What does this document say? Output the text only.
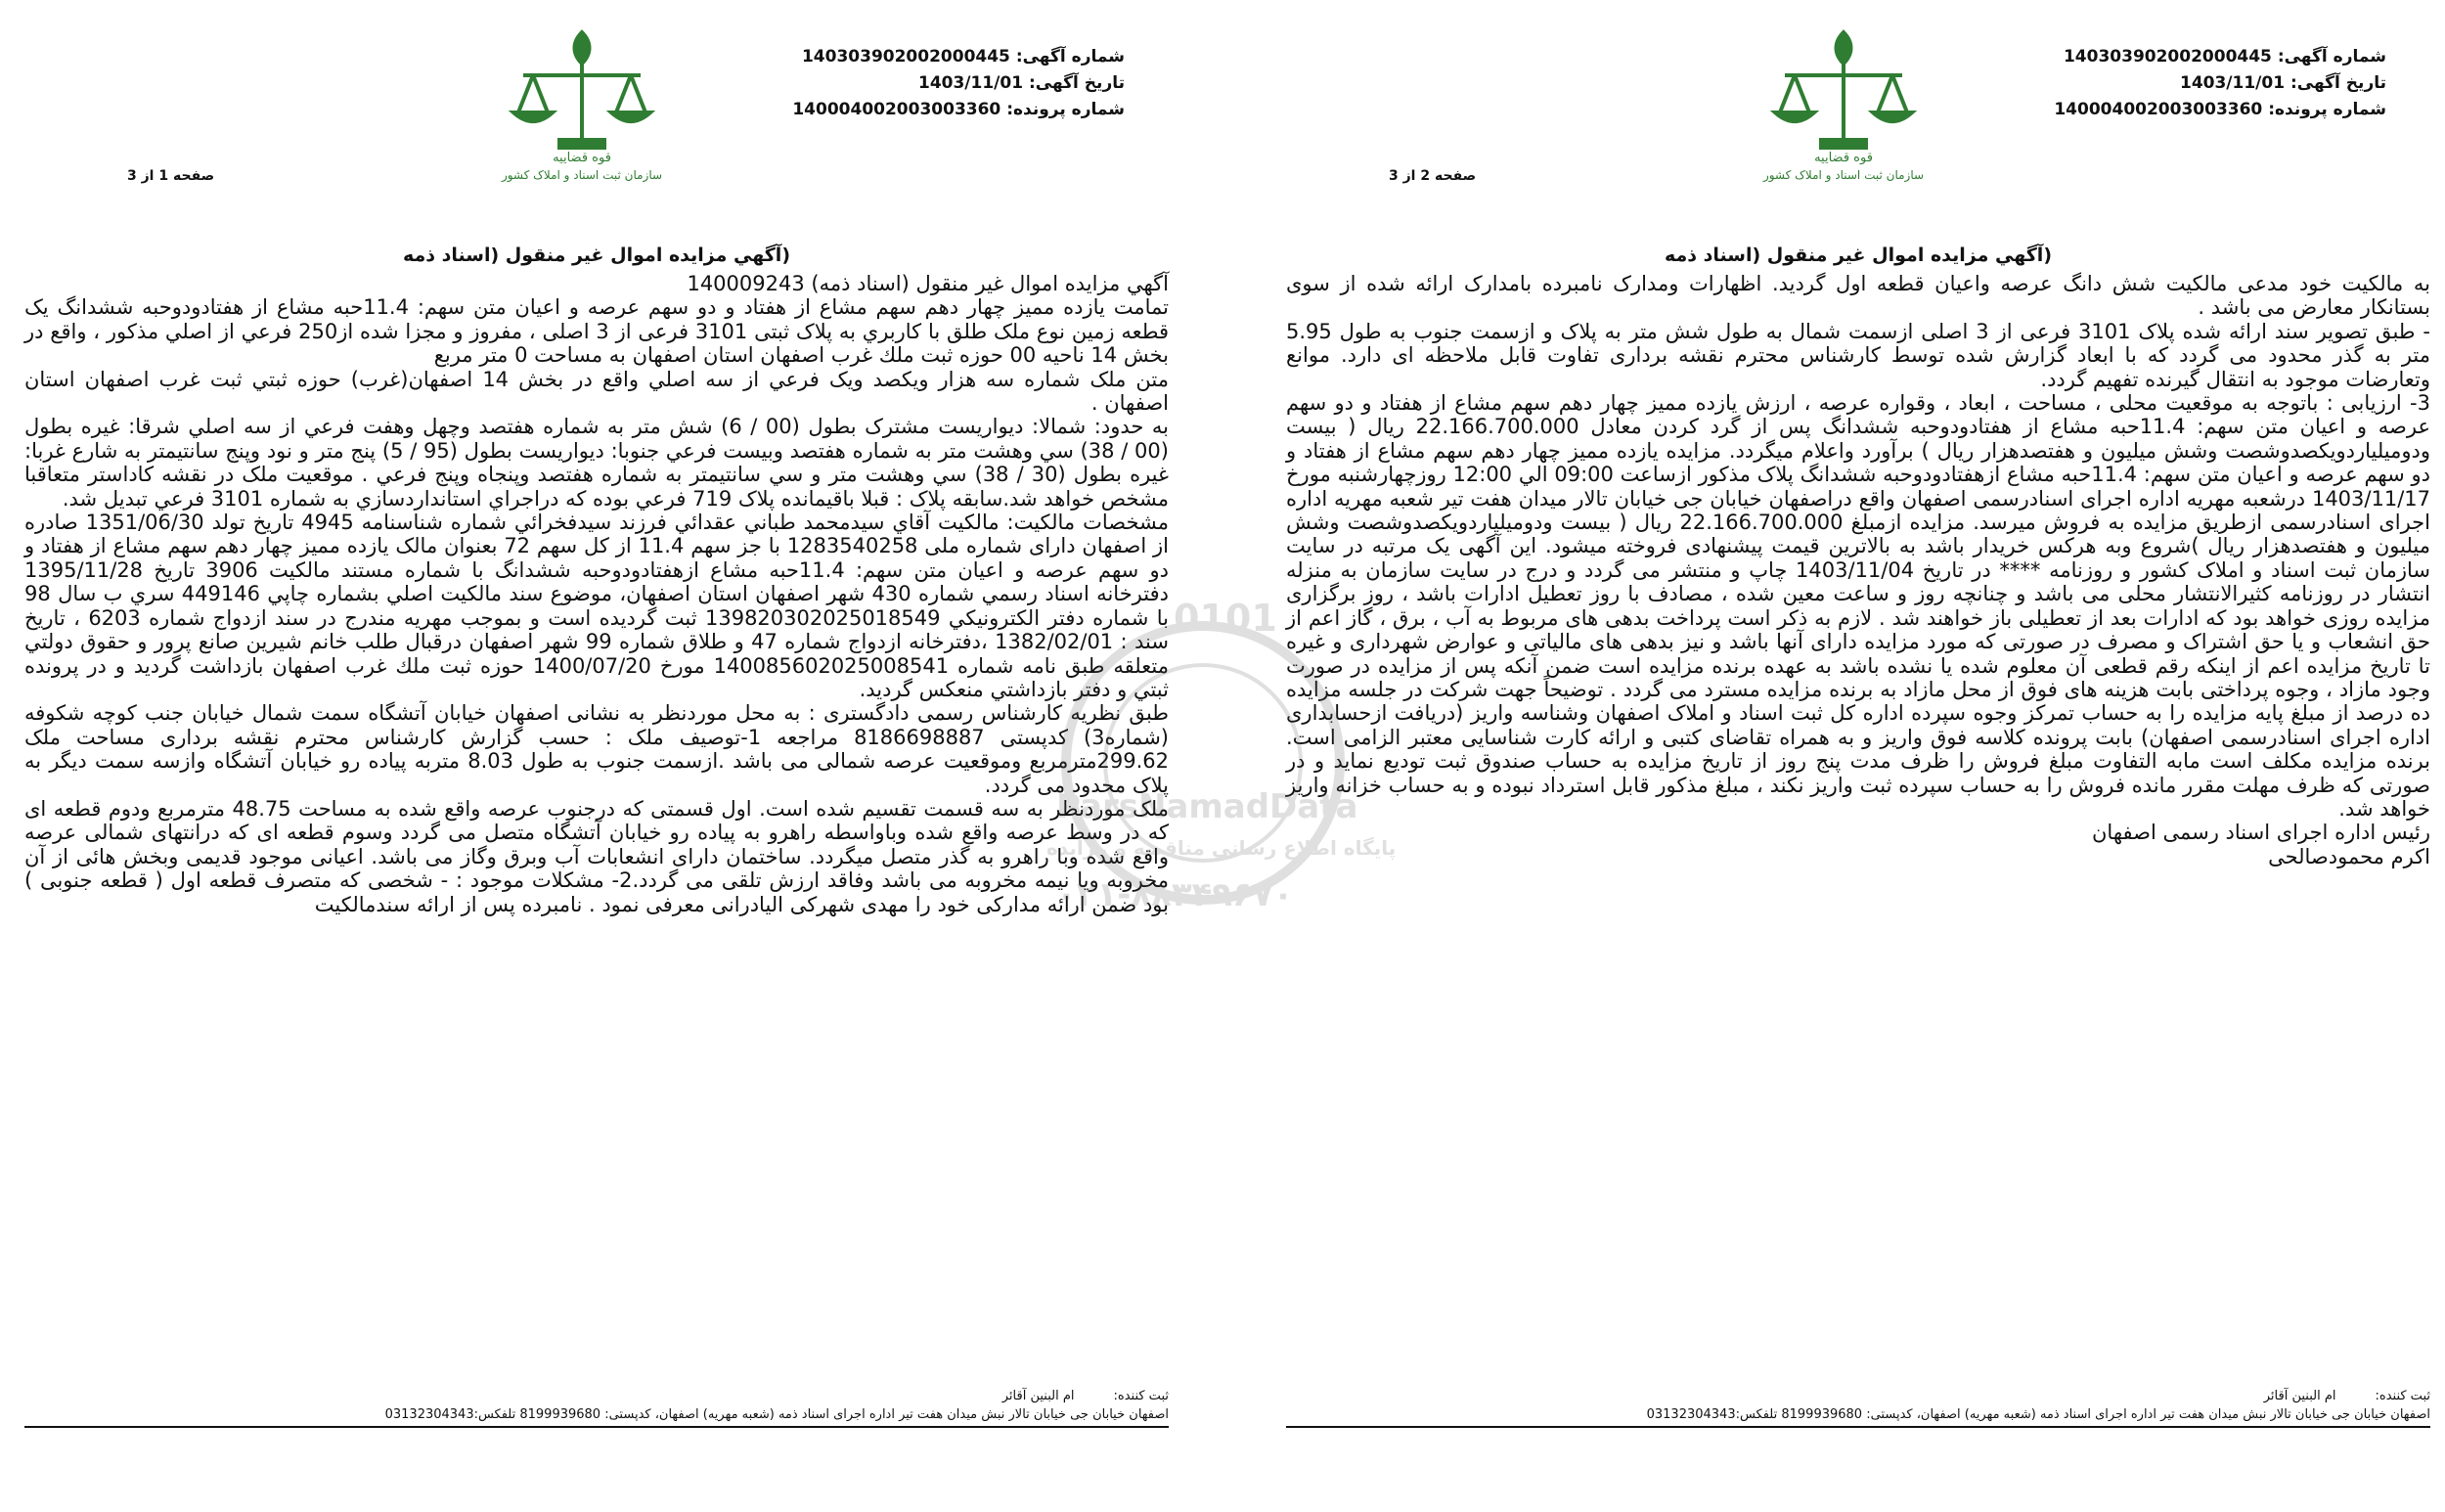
قوه قضاییه
سازمان ثبت اسناد و املاک کشور
شماره آگهی: 140303902002000445
تاریخ آگهی: 1403/11/01
شماره پرونده: 140004002003003360
صفحه 1 از 3
(آگهي مزايده اموال غير منقول (اسناد ذمه

آگهي مزايده اموال غير منقول (اسناد ذمه) 140009243

تمامت يازده مميز چهار دهم سهم مشاع از هفتاد و دو سهم عرصه و اعيان متن سهم: 11.4حبه مشاع از هفتادودوحبه ششدانگ يک قطعه زمين نوع ملک طلق با کاربري به پلاک ثبتی 3101 فرعی از 3 اصلی ، مفروز و مجزا شده از250 فرعي از اصلي مذکور ، واقع در بخش 14 ناحيه 00 حوزه ثبت ملك غرب اصفهان استان اصفهان به مساحت 0 متر مربع

متن ملک شماره سه هزار ويکصد ويک فرعي از سه اصلي واقع در بخش 14 اصفهان(غرب) حوزه ثبتي ثبت غرب اصفهان استان اصفهان .

به حدود: شمالا: ديواريست مشترک بطول (00 / 6) شش متر به شماره هفتصد وچهل وهفت فرعي از سه اصلي شرقا: غيره بطول (00 / 38) سي وهشت متر به شماره هفتصد وبيست فرعي جنوبا: ديواريست بطول (95 / 5) پنج متر و نود وپنج سانتيمتر به شارع غربا: غيره بطول (30 / 38) سي وهشت متر و سي سانتيمتر به شماره هفتصد وپنجاه وپنج فرعي . موقعيت ملک در نقشه کاداستر متعاقبا مشخص خواهد شد.سابقه پلاک : قبلا باقیمانده پلاک 719 فرعي بوده که دراجراي استانداردسازي به شماره 3101 فرعي تبديل شد.

مشخصات مالکيت: مالكيت آقاي سيدمحمد طباني عقدائي فرزند سيدفخرائي شماره شناسنامه 4945 تاريخ تولد 1351/06/30 صادره از اصفهان دارای شماره ملی 1283540258 با جز سهم 11.4 از کل سهم 72 بعنوان مالک يازده مميز چهار دهم سهم مشاع از هفتاد و دو سهم عرصه و اعيان متن سهم: 11.4حبه مشاع ازهفتادودوحبه ششدانگ با شماره مستند مالکيت 3906 تاريخ 1395/11/28 دفترخانه اسناد رسمي شماره 430 شهر اصفهان استان اصفهان، موضوع سند مالکيت اصلي بشماره چاپي 449146 سري ب سال 98 با شماره دفتر الکترونيکي 139820302025018549 ثبت گرديده است و بموجب مهريه مندرج در سند ازدواج شماره 6203 ، تاريخ سند : 1382/02/01 ،دفترخانه ازدواج شماره 47 و طلاق شماره 99 شهر اصفهان درقبال طلب خانم شيرين صانع پرور و حقوق دولتي متعلقه طبق نامه شماره 140085602025008541 مورخ 1400/07/20 حوزه ثبت ملك غرب اصفهان بازداشت گرديد و در پرونده ثبتي و دفتر بازداشتي منعکس گرديد.

طبق نظريه کارشناس رسمی دادگستری : به محل موردنظر به نشانی اصفهان خيابان آتشگاه سمت شمال خيابان جنب کوچه شکوفه (شماره3) کدپستی 8186698887 مراجعه 1-توصيف ملک : حسب گزارش کارشناس محترم نقشه برداری مساحت ملک 299.62مترمربع وموقعيت عرصه شمالی می باشد .ازسمت جنوب به طول 8.03 متربه پياده رو خيابان آتشگاه وازسه سمت ديگر به پلاک محدود می گردد.

ملک موردنظر به سه قسمت تقسيم شده است. اول قسمتی که درجنوب عرصه واقع شده به مساحت 48.75 مترمربع ودوم قطعه ای که در وسط عرصه واقع شده وباواسطه راهرو به پياده رو خيابان آتشگاه متصل می گردد وسوم قطعه ای که درانتهای شمالی عرصه واقع شده وبا راهرو به گذر متصل ميگردد. ساختمان دارای انشعابات آب وبرق وگاز می باشد. اعيانی موجود قديمی وبخش هائی از آن مخروبه ويا نيمه مخروبه می باشد وفاقد ارزش تلقی می گردد.2- مشکلات موجود : - شخصی که متصرف قطعه اول ( قطعه جنوبی ) بود ضمن ارائه مدارکی خود را مهدی شهرکی اليادرانی معرفی نمود . نامبرده پس از ارائه سندمالکيت

ثبت کننده:
ام البنين آقائر
اصفهان خیابان جی خیابان تالار نبش میدان هفت تیر اداره اجرای اسناد ذمه (شعبه مهریه) اصفهان، کدپستی: 8199939680 تلفکس:03132304343
قوه قضاییه
سازمان ثبت اسناد و املاک کشور
شماره آگهی: 140303902002000445
تاریخ آگهی: 1403/11/01
شماره پرونده: 140004002003003360
صفحه 2 از 3
(آگهي مزايده اموال غير منقول (اسناد ذمه

به مالکيت خود مدعی مالکيت شش دانگ عرصه واعيان قطعه اول گرديد. اظهارات ومدارک نامبرده بامدارک ارائه شده از سوی بستانکار معارض می باشد .

- طبق تصوير سند ارائه شده پلاک 3101 فرعی از 3 اصلی ازسمت شمال به طول شش متر به پلاک و ازسمت جنوب به طول 5.95 متر به گذر محدود می گردد که با ابعاد گزارش شده توسط کارشناس محترم نقشه برداری تفاوت قابل ملاحظه ای دارد. موانع وتعارضات موجود به انتقال گيرنده تفهيم گردد.

3- ارزيابی : باتوجه به موقعيت محلی ، مساحت ، ابعاد ، وقواره عرصه ، ارزش يازده مميز چهار دهم سهم مشاع از هفتاد و دو سهم عرصه و اعيان متن سهم: 11.4حبه مشاع از هفتادودوحبه ششدانگ پس از گرد کردن معادل 22.166.700.000 ريال ( بيست ودوميلياردويکصدوشصت وشش ميليون و هفتصدهزار ريال ) برآورد واعلام ميگردد. مزايده يازده مميز چهار دهم سهم مشاع از هفتاد و دو سهم عرصه و اعيان متن سهم: 11.4حبه مشاع ازهفتادودوحبه ششدانگ پلاک مذکور ازساعت 09:00 الي 12:00 روزچهارشنبه مورخ 1403/11/17 درشعبه مهريه اداره اجرای اسنادرسمی اصفهان واقع دراصفهان خيابان جی خيابان تالار ميدان هفت تير شعبه مهريه اداره اجرای اسنادرسمی ازطريق مزايده به فروش ميرسد. مزايده ازمبلغ 22.166.700.000 ريال ( بيست ودوميلياردويکصدوشصت وشش ميليون و هفتصدهزار ريال )شروع وبه هرکس خريدار باشد به بالاترين قيمت پيشنهادی فروخته ميشود. اين آگهی يک مرتبه در سايت سازمان ثبت اسناد و املاک کشور و روزنامه **** در تاريخ 1403/11/04 چاپ و منتشر می گردد و درج در سايت سازمان به منزله انتشار در روزنامه کثيرالانتشار محلی می باشد و چنانچه روز و ساعت معين شده ، مصادف با روز تعطيل ادارات باشد ، روز برگزاری مزايده روزی خواهد بود که ادارات بعد از تعطيلی باز خواهند شد . لازم به ذکر است پرداخت بدهی های مربوط به آب ، برق ، گاز اعم از حق انشعاب و يا حق اشتراک و مصرف در صورتی که مورد مزايده دارای آنها باشد و نيز بدهی های مالياتی و عوارض شهرداری و غيره تا تاريخ مزايده اعم از اينکه رقم قطعی آن معلوم شده يا نشده باشد به عهده برنده مزايده است ضمن آنکه پس از مزايده در صورت وجود مازاد ، وجوه پرداختی بابت هزينه های فوق از محل مازاد به برنده مزايده مسترد می گردد . توضيحاً جهت شرکت در جلسه مزايده ده درصد از مبلغ پايه مزايده را به حساب تمرکز وجوه سپرده اداره کل ثبت اسناد و املاک اصفهان وشناسه واريز (دريافت ازحسابداری اداره اجرای اسنادرسمی اصفهان) بابت پرونده کلاسه فوق واريز و به همراه تقاضای کتبی و ارائه کارت شناسايی معتبر الزامی است. برنده مزايده مکلف است مابه التفاوت مبلغ فروش را ظرف مدت پنج روز از تاريخ مزايده به حساب صندوق ثبت توديع نمايد و در صورتی که ظرف مهلت مقرر مانده فروش را به حساب سپرده ثبت واريز نکند ، مبلغ مذکور قابل استرداد نبوده و به حساب خزانه واريز خواهد شد.

رئيس اداره اجرای اسناد رسمی اصفهان

اکرم محمودصالحی

ثبت کننده:
ام البنين آقائر
اصفهان خیابان جی خیابان تالار نبش میدان هفت تیر اداره اجرای اسناد ذمه (شعبه مهریه) اصفهان، کدپستی: 8199939680 تلفکس:03132304343
0101
ParsNamadData
پایگاه اطلاع رسانی مناقصه و مزایده
۰۲۱-۸۸۳۴۹۶۷۰
